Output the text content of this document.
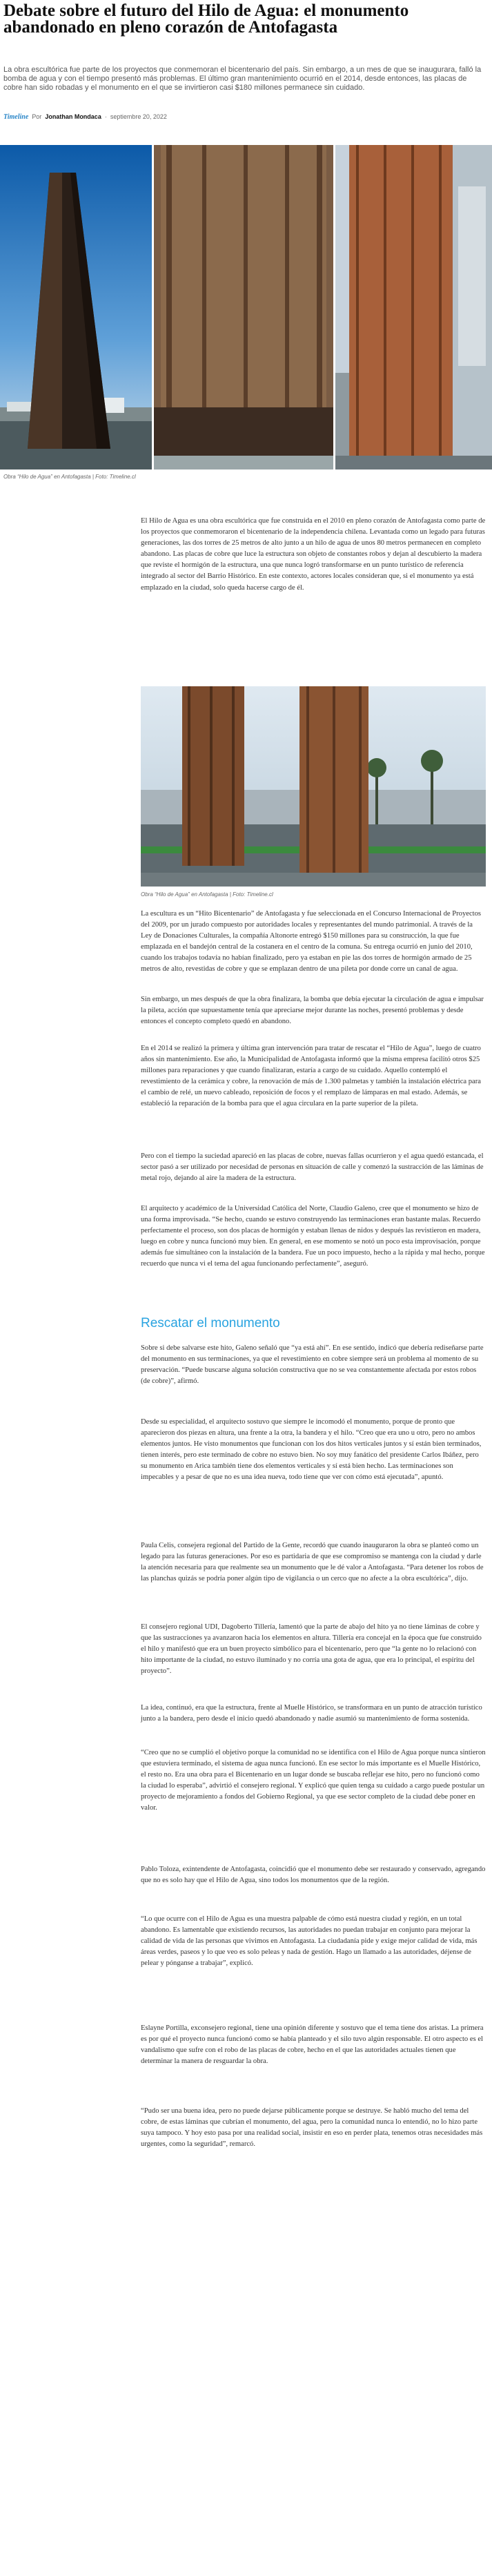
Debate sobre el futuro del Hilo de Agua: el monumento abandonado en pleno corazón de Antofagasta

La obra escultórica fue parte de los proyectos que conmemoran el bicentenario del país. Sin embargo, a un mes de que se inaugurara, falló la bomba de agua y con el tiempo presentó más problemas. El último gran mantenimiento ocurrió en el 2014, desde entonces, las placas de cobre han sido robadas y el monumento en el que se invirtieron casi $180 millones permanece sin cuidado.

Timeline Por Jonathan Mondaca · septiembre 20, 2022
Obra “Hilo de Agua” en Antofagasta | Foto: Timeline.cl

El Hilo de Agua es una obra escultórica que fue construida en el 2010 en pleno corazón de Antofagasta como parte de los proyectos que conmemoraron el bicentenario de la independencia chilena. Levantada como un legado para futuras generaciones, las dos torres de 25 metros de alto junto a un hilo de agua de unos 80 metros permanecen en completo abandono. Las placas de cobre que luce la estructura son objeto de constantes robos y dejan al descubierto la madera que reviste el hormigón de la estructura, una que nunca logró transformarse en un punto turístico de referencia integrado al sector del Barrio Histórico. En este contexto, actores locales consideran que, si el monumento ya está emplazado en la ciudad, solo queda hacerse cargo de él.

Obra “Hilo de Agua” en Antofagasta | Foto: Timeline.cl

La escultura es un “Hito Bicentenario” de Antofagasta y fue seleccionada en el Concurso Internacional de Proyectos del 2009, por un jurado compuesto por autoridades locales y representantes del mundo patrimonial. A través de la Ley de Donaciones Culturales, la compañía Altonorte entregó $150 millones para su construcción, la que fue emplazada en el bandejón central de la costanera en el centro de la comuna. Su entrega ocurrió en junio del 2010, cuando los trabajos todavía no habían finalizado, pero ya estaban en pie las dos torres de hormigón armado de 25 metros de alto, revestidas de cobre y que se emplazan dentro de una pileta por donde corre un canal de agua.

Sin embargo, un mes después de que la obra finalizara, la bomba que debía ejecutar la circulación de agua e impulsar la pileta, acción que supuestamente tenía que apreciarse mejor durante las noches, presentó problemas y desde entonces el concepto completo quedó en abandono.

En el 2014 se realizó la primera y última gran intervención para tratar de rescatar el “Hilo de Agua”, luego de cuatro años sin mantenimiento. Ese año, la Municipalidad de Antofagasta informó que la misma empresa facilitó otros $25 millones para reparaciones y que cuando finalizaran, estaría a cargo de su cuidado. Aquello contempló el revestimiento de la cerámica y cobre, la renovación de más de 1.300 palmetas y también la instalación eléctrica para el cambio de relé, un nuevo cableado, reposición de focos y el remplazo de lámparas en mal estado. Además, se estableció la reparación de la bomba para que el agua circulara en la parte superior de la pileta.

Pero con el tiempo la suciedad apareció en las placas de cobre, nuevas fallas ocurrieron y el agua quedó estancada, el sector pasó a ser utilizado por necesidad de personas en situación de calle y comenzó la sustracción de las láminas de metal rojo, dejando al aire la madera de la estructura.

El arquitecto y académico de la Universidad Católica del Norte, Claudio Galeno, cree que el monumento se hizo de una forma improvisada. “Se hecho, cuando se estuvo construyendo las terminaciones eran bastante malas. Recuerdo perfectamente el proceso, son dos placas de hormigón y estaban llenas de nidos y después las revistieron en madera, luego en cobre y nunca funcionó muy bien. En general, en ese momento se notó un poco esta improvisación, porque además fue simultáneo con la instalación de la bandera. Fue un poco impuesto, hecho a la rápida y mal hecho, porque recuerdo que nunca vi el tema del agua funcionando perfectamente”, aseguró.

Rescatar el monumento

Sobre si debe salvarse este hito, Galeno señaló que “ya está ahí”. En ese sentido, indicó que debería rediseñarse parte del monumento en sus terminaciones, ya que el revestimiento en cobre siempre será un problema al momento de su preservación. “Puede buscarse alguna solución constructiva que no se vea constantemente afectada por estos robos (de cobre)”, afirmó.

Desde su especialidad, el arquitecto sostuvo que siempre le incomodó el monumento, porque de pronto que aparecieron dos piezas en altura, una frente a la otra, la bandera y el hilo. “Creo que era uno u otro, pero no ambos elementos juntos. He visto monumentos que funcionan con los dos hitos verticales juntos y sí están bien terminados, tienen interés, pero este terminado de cobre no estuvo bien. No soy muy fanático del presidente Carlos Ibáñez, pero su monumento en Arica también tiene dos elementos verticales y sí está bien hecho. Las terminaciones son impecables y a pesar de que no es una idea nueva, todo tiene que ver con cómo está ejecutada”, apuntó.

Paula Celis, consejera regional del Partido de la Gente, recordó que cuando inauguraron la obra se planteó como un legado para las futuras generaciones. Por eso es partidaria de que ese compromiso se mantenga con la ciudad y darle la atención necesaria para que realmente sea un monumento que le dé valor a Antofagasta. “Para detener los robos de las planchas quizás se podría poner algún tipo de vigilancia o un cerco que no afecte a la obra escultórica”, dijo.

El consejero regional UDI, Dagoberto Tillería, lamentó que la parte de abajo del hito ya no tiene láminas de cobre y que las sustracciones ya avanzaron hacia los elementos en altura. Tillería era concejal en la época que fue construido el hilo y manifestó que era un buen proyecto simbólico para el bicentenario, pero que “la gente no lo relacionó con hito importante de la ciudad, no estuvo iluminado y no corría una gota de agua, que era lo principal, el espíritu del proyecto”.

La idea, continuó, era que la estructura, frente al Muelle Histórico, se transformara en un punto de atracción turístico junto a la bandera, pero desde el inicio quedó abandonado y nadie asumió su mantenimiento de forma sostenida.

“Creo que no se cumplió el objetivo porque la comunidad no se identifica con el Hilo de Agua porque nunca sintieron que estuviera terminado, el sistema de agua nunca funcionó. En ese sector lo más importante es el Muelle Histórico, el resto no. Era una obra para el Bicentenario en un lugar donde se buscaba reflejar ese hito, pero no funcionó como la ciudad lo esperaba”, advirtió el consejero regional. Y explicó que quien tenga su cuidado a cargo puede postular un proyecto de mejoramiento a fondos del Gobierno Regional, ya que ese sector completo de la ciudad debe poner en valor.

Pablo Toloza, exintendente de Antofagasta, coincidió que el monumento debe ser restaurado y conservado, agregando que no es solo hay que el Hilo de Agua, sino todos los monumentos que de la región.

“Lo que ocurre con el Hilo de Agua es una muestra palpable de cómo está nuestra ciudad y región, en un total abandono. Es lamentable que existiendo recursos, las autoridades no puedan trabajar en conjunto para mejorar la calidad de vida de las personas que vivimos en Antofagasta. La ciudadanía pide y exige mejor calidad de vida, más áreas verdes, paseos y lo que veo es solo peleas y nada de gestión. Hago un llamado a las autoridades, déjense de pelear y pónganse a trabajar”, explicó.

Eslayne Portilla, exconsejero regional, tiene una opinión diferente y sostuvo que el tema tiene dos aristas. La primera es por qué el proyecto nunca funcionó como se había planteado y el silo tuvo algún responsable. El otro aspecto es el vandalismo que sufre con el robo de las placas de cobre, hecho en el que las autoridades actuales tienen que determinar la manera de resguardar la obra.

“Pudo ser una buena idea, pero no puede dejarse públicamente porque se destruye. Se habló mucho del tema del cobre, de estas láminas que cubrían el monumento, del agua, pero la comunidad nunca lo entendió, no lo hizo parte suya tampoco. Y hoy esto pasa por una realidad social, insistir en eso en perder plata, tenemos otras necesidades más urgentes, como la seguridad”, remarcó.
